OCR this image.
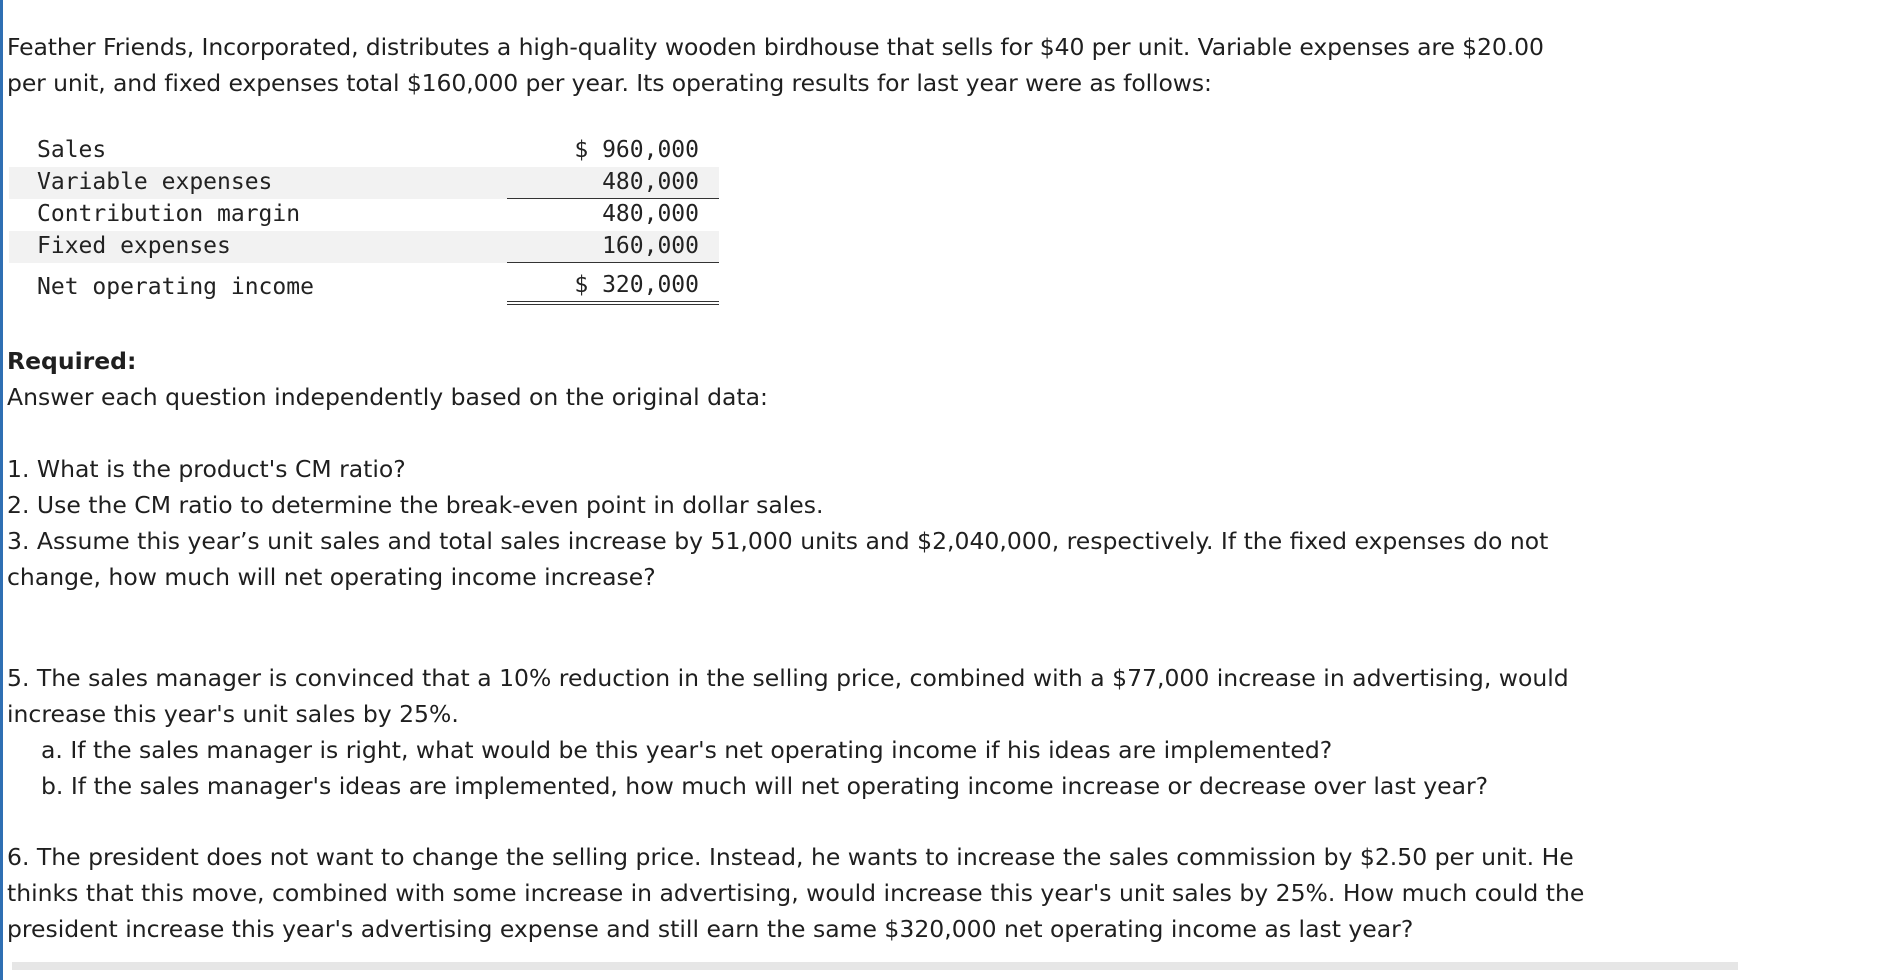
Feather Friends, Incorporated, distributes a high-quality wooden birdhouse that sells for $40 per unit. Variable expenses are $20.00

per unit, and fixed expenses total $160,000 per year. Its operating results for last year were as follows:

Sales	$ 960,000
Variable expenses	480,000
Contribution margin	480,000
Fixed expenses	160,000
Net operating income	$ 320,000

Required:

Answer each question independently based on the original data:

1. What is the product's CM ratio?

2. Use the CM ratio to determine the break-even point in dollar sales.

3. Assume this year’s unit sales and total sales increase by 51,000 units and $2,040,000, respectively. If the fixed expenses do not

change, how much will net operating income increase?

5. The sales manager is convinced that a 10% reduction in the selling price, combined with a $77,000 increase in advertising, would

increase this year's unit sales by 25%.

a. If the sales manager is right, what would be this year's net operating income if his ideas are implemented?

b. If the sales manager's ideas are implemented, how much will net operating income increase or decrease over last year?

6. The president does not want to change the selling price. Instead, he wants to increase the sales commission by $2.50 per unit. He

thinks that this move, combined with some increase in advertising, would increase this year's unit sales by 25%. How much could the

president increase this year's advertising expense and still earn the same $320,000 net operating income as last year?
